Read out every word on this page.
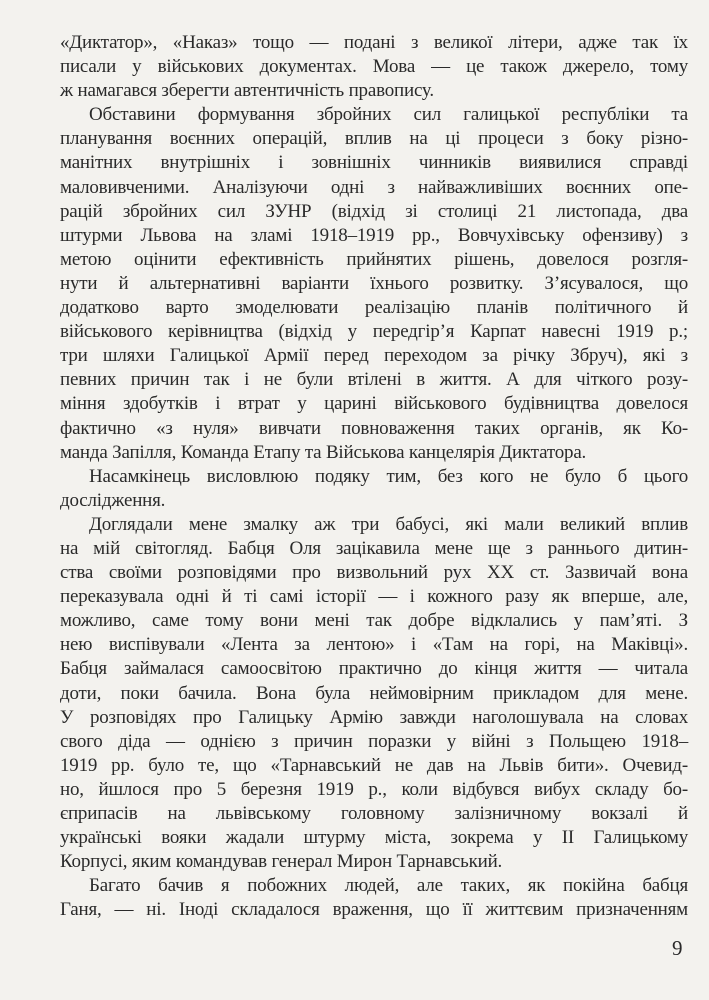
«Диктатор», «Наказ» тощо — подані з великої літери, адже так їх
писали у військових документах. Мова — це також джерело, тому
ж намагався зберегти автентичність правопису.
Обставини формування збройних сил галицької республіки та
планування воєнних операцій, вплив на ці процеси з боку різно-
манітних внутрішніх і зовнішніх чинників виявилися справді
маловивченими. Аналізуючи одні з найважливіших воєнних опе-
рацій збройних сил ЗУНР (відхід зі столиці 21 листопада, два
штурми Львова на зламі 1918–1919 рр., Вовчухівську офензиву) з
метою оцінити ефективність прийнятих рішень, довелося розгля-
нути й альтернативні варіанти їхнього розвитку. З’ясувалося, що
додатково варто змоделювати реалізацію планів політичного й
військового керівництва (відхід у передгір’я Карпат навесні 1919 р.;
три шляхи Галицької Армії перед переходом за річку Збруч), які з
певних причин так і не були втілені в життя. А для чіткого розу-
міння здобутків і втрат у царині військового будівництва довелося
фактично «з нуля» вивчати повноваження таких органів, як Ко-
манда Запілля, Команда Етапу та Військова канцелярія Диктатора.
Насамкінець висловлюю подяку тим, без кого не було б цього
дослідження.
Доглядали мене змалку аж три бабусі, які мали великий вплив
на мій світогляд. Бабця Оля зацікавила мене ще з раннього дитин-
ства своїми розповідями про визвольний рух XX ст. Зазвичай вона
переказувала одні й ті самі історії — і кожного разу як вперше, але,
можливо, саме тому вони мені так добре відклались у пам’яті. З
нею виспівували «Лента за лентою» і «Там на горі, на Маківці».
Бабця займалася самоосвітою практично до кінця життя — читала
доти, поки бачила. Вона була неймовірним прикладом для мене.
У розповідях про Галицьку Армію завжди наголошувала на словах
свого діда — однією з причин поразки у війні з Польщею 1918–
1919 рр. було те, що «Тарнавський не дав на Львів бити». Очевид-
но, йшлося про 5 березня 1919 р., коли відбувся вибух складу бо-
єприпасів на львівському головному залізничному вокзалі й
українські вояки жадали штурму міста, зокрема у ІІ Галицькому
Корпусі, яким командував генерал Мирон Тарнавський.
Багато бачив я побожних людей, але таких, як покійна бабця
Ганя, — ні. Іноді складалося враження, що її життєвим призначенням
9
